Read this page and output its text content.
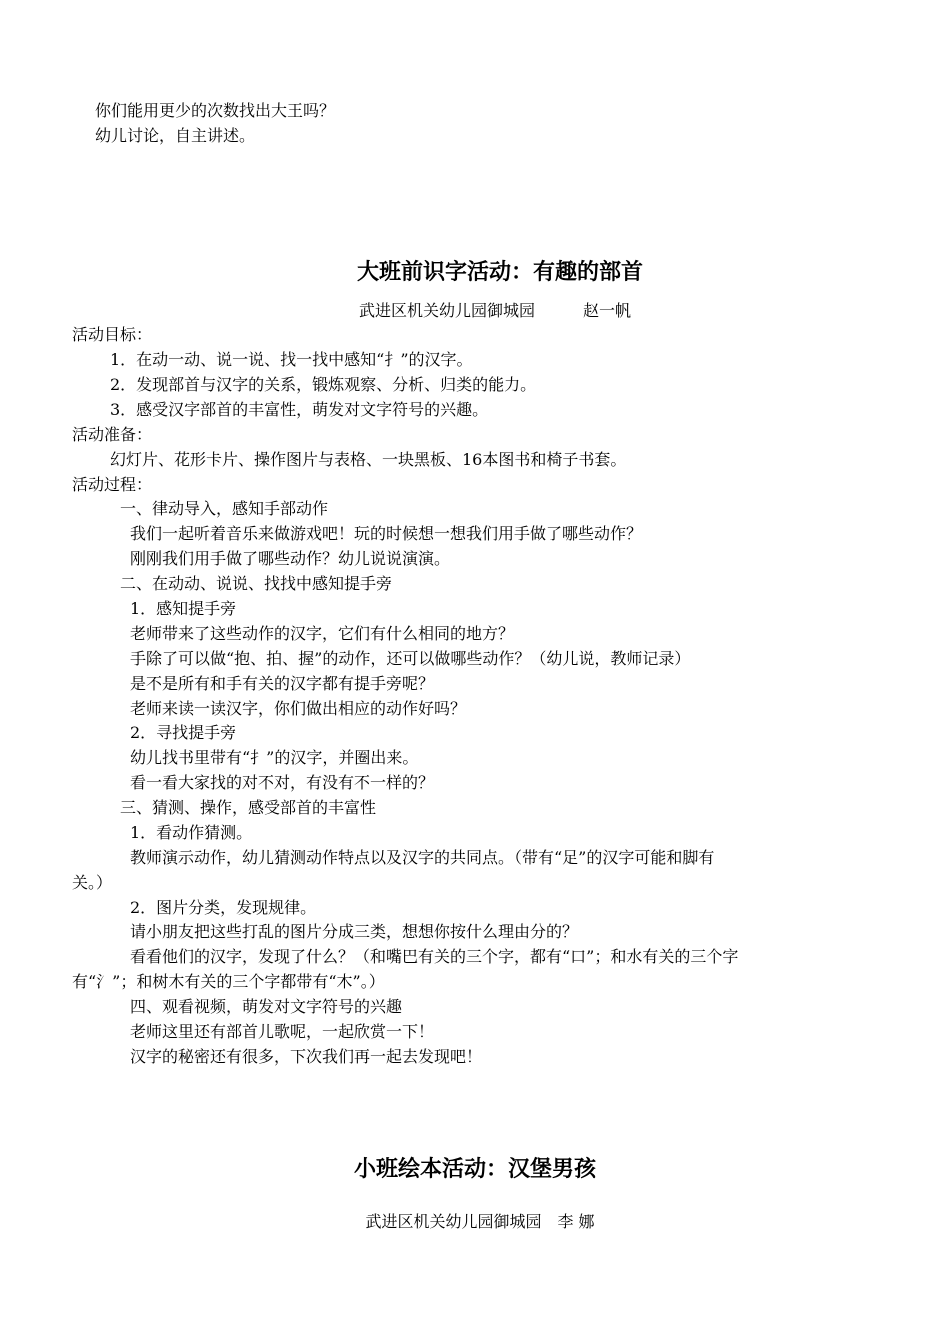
你们能用更少的次数找出大王吗？
幼儿讨论，自主讲述。
大班前识字活动：有趣的部首
武进区机关幼儿园御城园	赵一帆
活动目标：
1．在动一动、说一说、找一找中感知“扌”的汉字。
2．发现部首与汉字的关系，锻炼观察、分析、归类的能力。
3．感受汉字部首的丰富性，萌发对文字符号的兴趣。
活动准备：
幻灯片、花形卡片、操作图片与表格、一块黑板、16本图书和椅子书套。
活动过程：
一、律动导入，感知手部动作
我们一起听着音乐来做游戏吧！玩的时候想一想我们用手做了哪些动作？
刚刚我们用手做了哪些动作？幼儿说说演演。
二、在动动、说说、找找中感知提手旁
1．感知提手旁
老师带来了这些动作的汉字，它们有什么相同的地方？
手除了可以做“抱、拍、握”的动作，还可以做哪些动作？（幼儿说，教师记录）
是不是所有和手有关的汉字都有提手旁呢？
老师来读一读汉字，你们做出相应的动作好吗？
2．寻找提手旁
幼儿找书里带有“扌”的汉字，并圈出来。
看一看大家找的对不对，有没有不一样的？
三、猜测、操作，感受部首的丰富性
1．看动作猜测。
教师演示动作，幼儿猜测动作特点以及汉字的共同点。（带有“足”的汉字可能和脚有
关。）
2．图片分类，发现规律。
请小朋友把这些打乱的图片分成三类，想想你按什么理由分的？
看看他们的汉字，发现了什么？（和嘴巴有关的三个字，都有“口”；和水有关的三个字
有“氵”；和树木有关的三个字都带有“木”。）
四、观看视频，萌发对文字符号的兴趣
老师这里还有部首儿歌呢，一起欣赏一下！
汉字的秘密还有很多，下次我们再一起去发现吧！
小班绘本活动：汉堡男孩
武进区机关幼儿园御城园 李 娜
